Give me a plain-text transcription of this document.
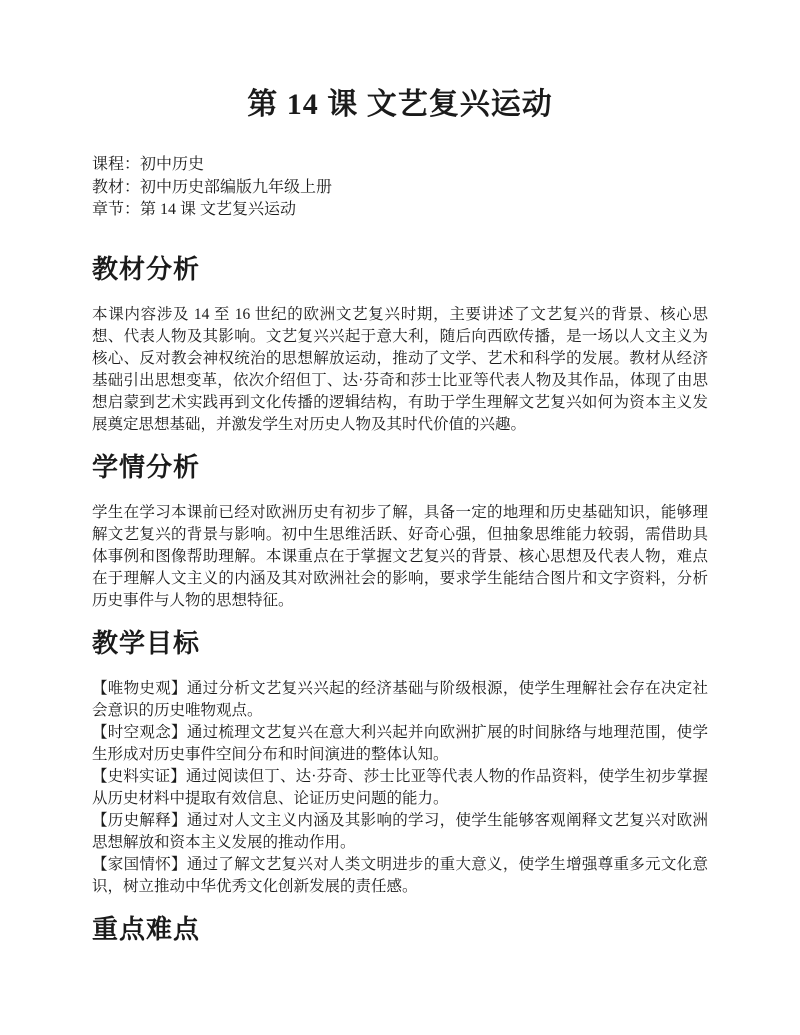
第 14 课 文艺复兴运动
课程：初中历史
教材：初中历史部编版九年级上册
章节：第 14 课 文艺复兴运动
教材分析

本课内容涉及 14 至 16 世纪的欧洲文艺复兴时期，主要讲述了文艺复兴的背景、核心思想、代表人物及其影响。文艺复兴兴起于意大利，随后向西欧传播，是一场以人文主义为核心、反对教会神权统治的思想解放运动，推动了文学、艺术和科学的发展。教材从经济基础引出思想变革，依次介绍但丁、达·芬奇和莎士比亚等代表人物及其作品，体现了由思想启蒙到艺术实践再到文化传播的逻辑结构，有助于学生理解文艺复兴如何为资本主义发展奠定思想基础，并激发学生对历史人物及其时代价值的兴趣。

学情分析

学生在学习本课前已经对欧洲历史有初步了解，具备一定的地理和历史基础知识，能够理解文艺复兴的背景与影响。初中生思维活跃、好奇心强，但抽象思维能力较弱，需借助具体事例和图像帮助理解。本课重点在于掌握文艺复兴的背景、核心思想及代表人物，难点在于理解人文主义的内涵及其对欧洲社会的影响，要求学生能结合图片和文字资料，分析历史事件与人物的思想特征。

教学目标

【唯物史观】通过分析文艺复兴兴起的经济基础与阶级根源，使学生理解社会存在决定社会意识的历史唯物观点。

【时空观念】通过梳理文艺复兴在意大利兴起并向欧洲扩展的时间脉络与地理范围，使学生形成对历史事件空间分布和时间演进的整体认知。

【史料实证】通过阅读但丁、达·芬奇、莎士比亚等代表人物的作品资料，使学生初步掌握从历史材料中提取有效信息、论证历史问题的能力。

【历史解释】通过对人文主义内涵及其影响的学习，使学生能够客观阐释文艺复兴对欧洲思想解放和资本主义发展的推动作用。

【家国情怀】通过了解文艺复兴对人类文明进步的重大意义，使学生增强尊重多元文化意识，树立推动中华优秀文化创新发展的责任感。

重点难点
